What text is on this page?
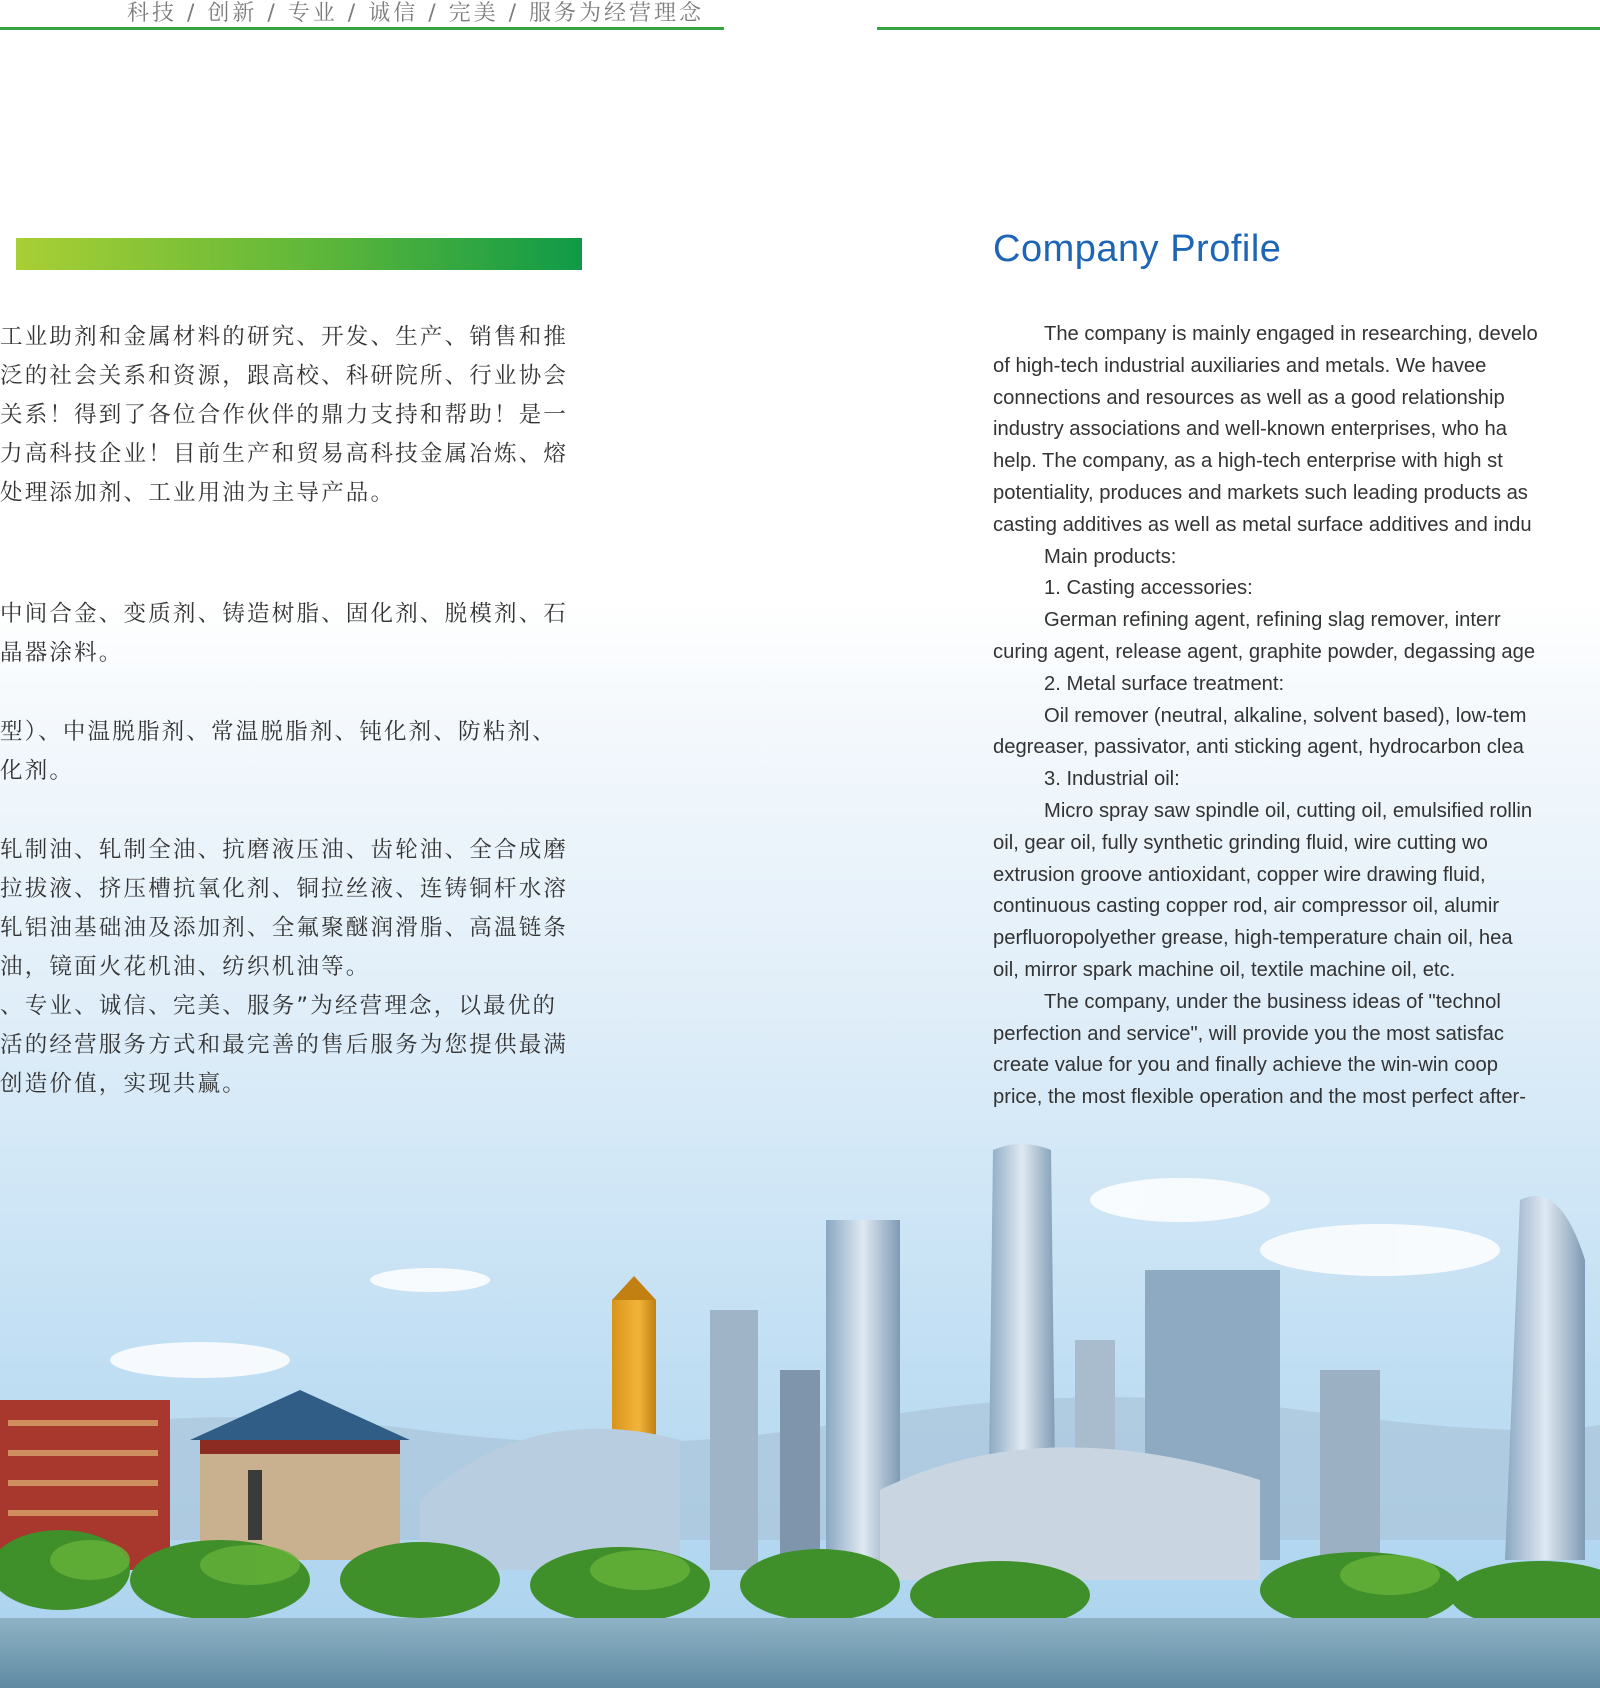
科技 / 创新 / 专业 / 诚信 / 完美 / 服务为经营理念
工业助剂和金属材料的研究、开发、生产、销售和推
泛的社会关系和资源，跟高校、科研院所、行业协会
关系！得到了各位合作伙伴的鼎力支持和帮助！是一
力高科技企业！目前生产和贸易高科技金属冶炼、熔
处理添加剂、工业用油为主导产品。
中间合金、变质剂、铸造树脂、固化剂、脱模剂、石
晶器涂料。
型）、中温脱脂剂、常温脱脂剂、钝化剂、防粘剂、
化剂。
轧制油、轧制全油、抗磨液压油、齿轮油、全合成磨
拉拔液、挤压槽抗氧化剂、铜拉丝液、连铸铜杆水溶
轧铝油基础油及添加剂、全氟聚醚润滑脂、高温链条
油，镜面火花机油、纺织机油等。
、专业、诚信、完美、服务”为经营理念，以最优的
活的经营服务方式和最完善的售后服务为您提供最满
创造价值，实现共赢。
Company Profile
The company is mainly engaged in researching, develo
of high-tech industrial auxiliaries and metals. We haveе
connections and resources as well as a good relationship
industry associations and well-known enterprises, who ha
help. The company, as a high-tech enterprise with high st
potentiality, produces and markets such leading products as
casting additives as well as metal surface additives and indu
Main products:
1. Casting accessories:
German refining agent, refining slag remover, interr
curing agent, release agent, graphite powder, degassing age
2. Metal surface treatment:
Oil remover (neutral, alkaline, solvent based), low-tem
degreaser, passivator, anti sticking agent, hydrocarbon clea
3. Industrial oil:
Micro spray saw spindle oil, cutting oil, emulsified rollin
oil, gear oil, fully synthetic grinding fluid, wire cutting wo
extrusion groove antioxidant, copper wire drawing fluid,
continuous casting copper rod, air compressor oil, alumir
perfluoropolyether grease, high-temperature chain oil, hea
oil, mirror spark machine oil, textile machine oil, etc.
The company, under the business ideas of "technol
perfection and service", will provide you the most satisfac
create value for you and finally achieve the win-win coop
price, the most flexible operation and the most perfect after-
